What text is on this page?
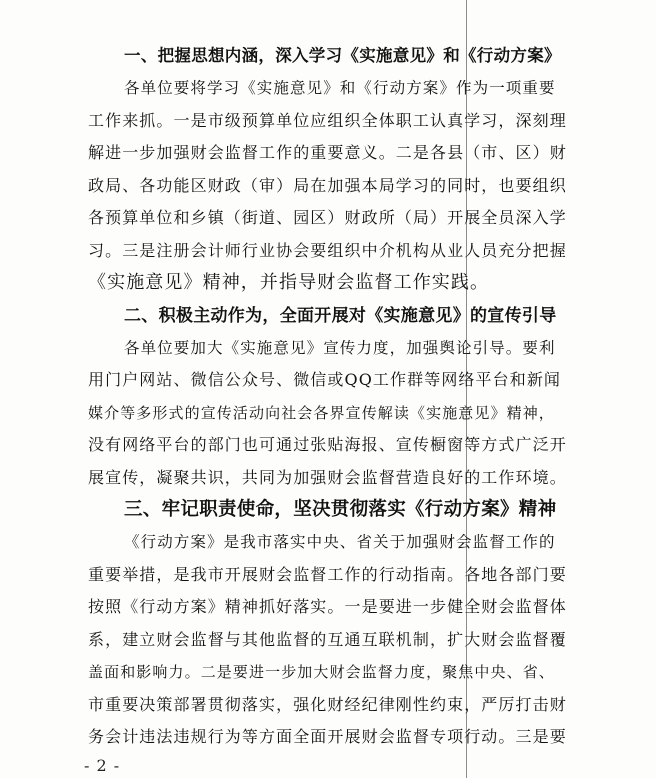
一、把握思想内涵，深入学习《实施意见》和《行动方案》
各单位要将学习《实施意见》和《行动方案》作为一项重要
工作来抓。一是市级预算单位应组织全体职工认真学习，深刻理
解进一步加强财会监督工作的重要意义。二是各县（市、区）财
政局、各功能区财政（审）局在加强本局学习的同时，也要组织
各预算单位和乡镇（街道、园区）财政所（局）开展全员深入学
习。三是注册会计师行业协会要组织中介机构从业人员充分把握
《实施意见》精神，并指导财会监督工作实践。
二、积极主动作为，全面开展对《实施意见》的宣传引导
各单位要加大《实施意见》宣传力度，加强舆论引导。要利
用门户网站、微信公众号、微信或QQ工作群等网络平台和新闻
媒介等多形式的宣传活动向社会各界宣传解读《实施意见》精神，
没有网络平台的部门也可通过张贴海报、宣传橱窗等方式广泛开
展宣传，凝聚共识，共同为加强财会监督营造良好的工作环境。
三、牢记职责使命，坚决贯彻落实《行动方案》精神
《行动方案》是我市落实中央、省关于加强财会监督工作的
重要举措，是我市开展财会监督工作的行动指南。各地各部门要
按照《行动方案》精神抓好落实。一是要进一步健全财会监督体
系，建立财会监督与其他监督的互通互联机制，扩大财会监督覆
盖面和影响力。二是要进一步加大财会监督力度，聚焦中央、省、
市重要决策部署贯彻落实，强化财经纪律刚性约束，严厉打击财
务会计违法违规行为等方面全面开展财会监督专项行动。三是要
- 2 -
